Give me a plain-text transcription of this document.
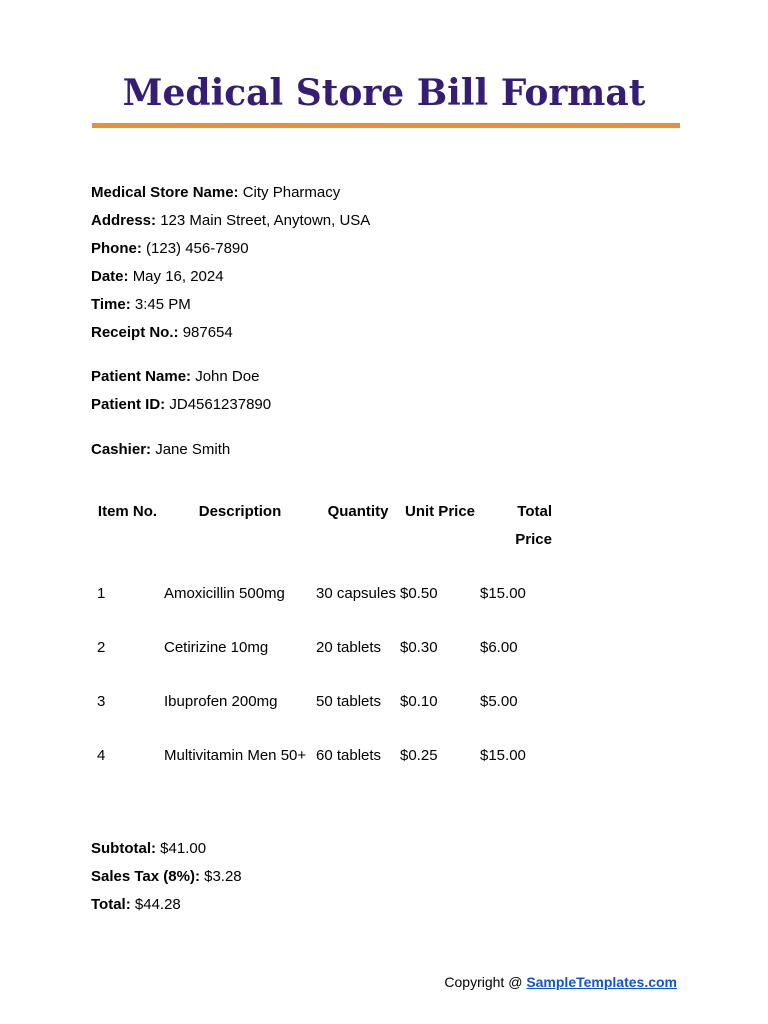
Medical Store Bill Format
Medical Store Name: City Pharmacy
Address: 123 Main Street, Anytown, USA
Phone: (123) 456-7890
Date: May 16, 2024
Time: 3:45 PM
Receipt No.: 987654
Patient Name: John Doe
Patient ID: JD4561237890
Cashier: Jane Smith
Item No.	Description	Quantity	Unit Price	Total Price
1	Amoxicillin 500mg	30 capsules	$0.50	$15.00
2	Cetirizine 10mg	20 tablets	$0.30	$6.00
3	Ibuprofen 200mg	50 tablets	$0.10	$5.00
4	Multivitamin Men 50+	60 tablets	$0.25	$15.00
Subtotal: $41.00
Sales Tax (8%): $3.28
Total: $44.28
Copyright @ SampleTemplates.com
